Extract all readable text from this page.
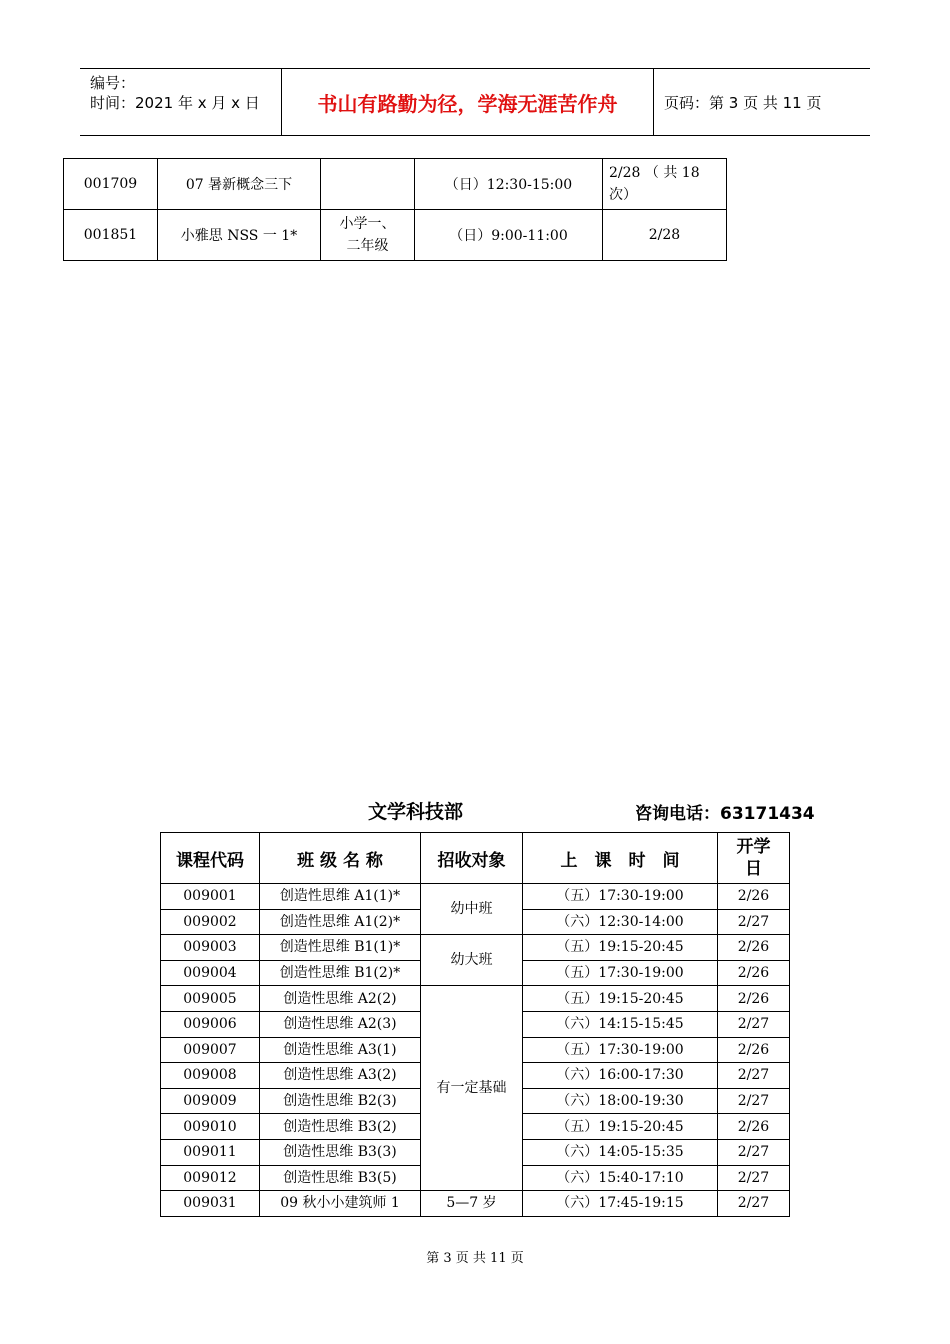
编号：
时间：2021 年 x 月 x 日	书山有路勤为径，学海无涯苦作舟	页码：第 3 页 共 11 页
001709	07 暑新概念三下		（日）12:30-15:00	2/28 （ 共 18 次）
001851	小雅思 NSS 一 1*	小学一、二年级	（日）9:00-11:00	2/28
文学科技部	咨询电话：63171434
课程代码	班 级 名 称	招收对象	上　课　时　间	开学日
009001	创造性思维 A1(1)*	幼中班	（五）17:30-19:00	2/26
009002	创造性思维 A1(2)*		（六）12:30-14:00	2/27
009003	创造性思维 B1(1)*	幼大班	（五）19:15-20:45	2/26
009004	创造性思维 B1(2)*		（五）17:30-19:00	2/26
009005	创造性思维 A2(2)	有一定基础	（五）19:15-20:45	2/26
009006	创造性思维 A2(3)		（六）14:15-15:45	2/27
009007	创造性思维 A3(1)		（五）17:30-19:00	2/26
009008	创造性思维 A3(2)		（六）16:00-17:30	2/27
009009	创造性思维 B2(3)		（六）18:00-19:30	2/27
009010	创造性思维 B3(2)		（五）19:15-20:45	2/26
009011	创造性思维 B3(3)		（六）14:05-15:35	2/27
009012	创造性思维 B3(5)		（六）15:40-17:10	2/27
009031	09 秋小小建筑师 1	5—7 岁	（六）17:45-19:15	2/27
第 3 页 共 11 页
